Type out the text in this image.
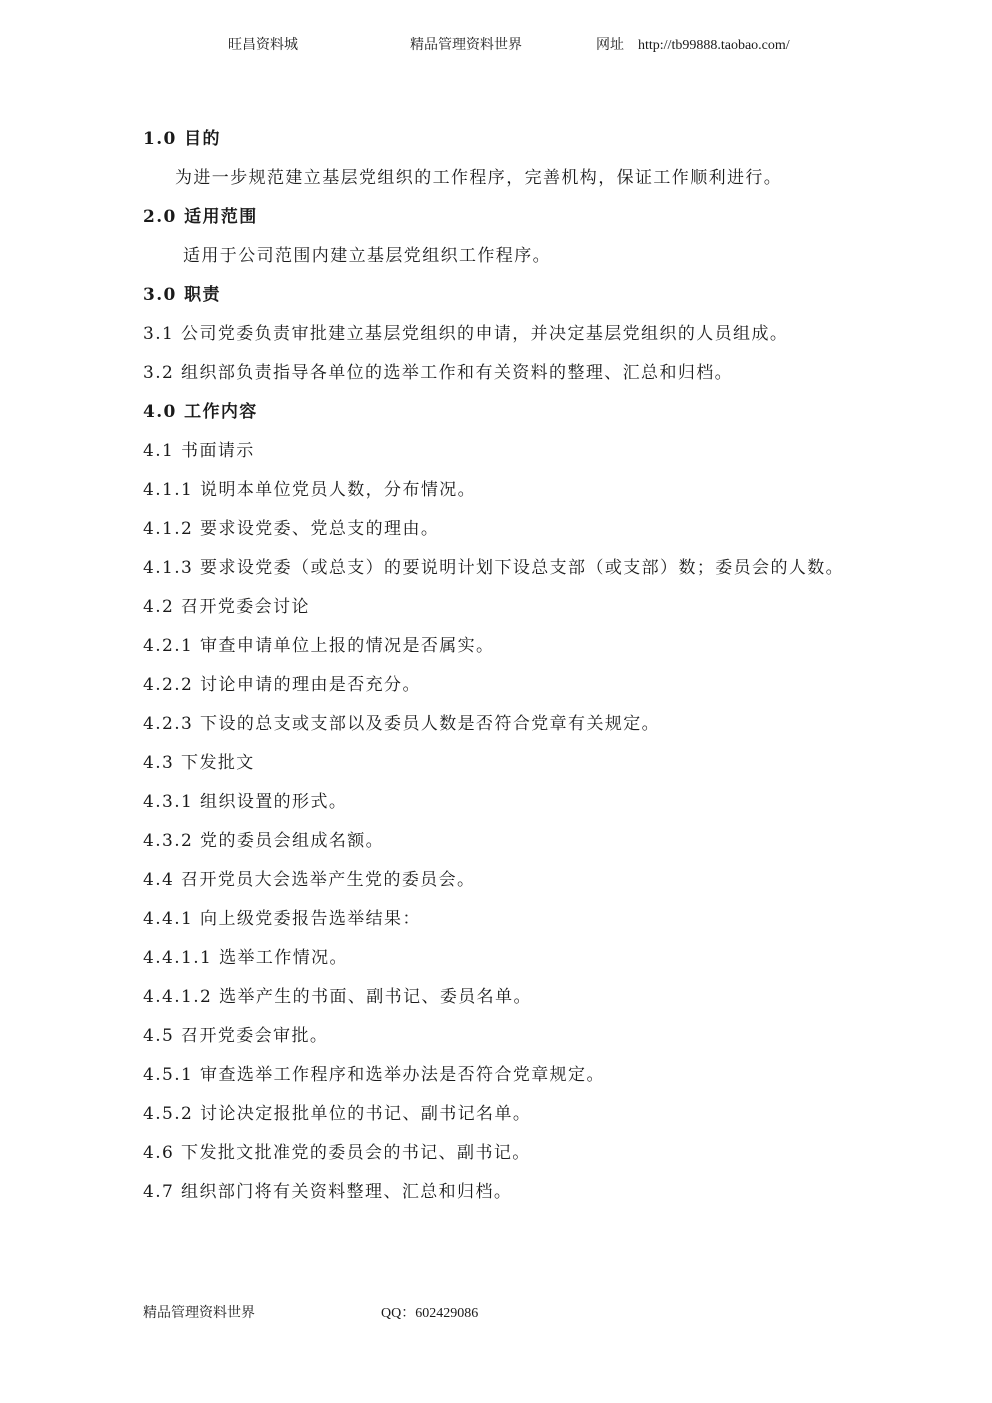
旺昌资料城	精品管理资料世界	网址 http://tb99888.taobao.com/
1.0 目的
为进一步规范建立基层党组织的工作程序，完善机构，保证工作顺利进行。
2.0 适用范围
适用于公司范围内建立基层党组织工作程序。
3.0 职责
3.1 公司党委负责审批建立基层党组织的申请，并决定基层党组织的人员组成。
3.2 组织部负责指导各单位的选举工作和有关资料的整理、汇总和归档。
4.0 工作内容
4.1 书面请示
4.1.1 说明本单位党员人数，分布情况。
4.1.2 要求设党委、党总支的理由。
4.1.3 要求设党委（或总支）的要说明计划下设总支部（或支部）数；委员会的人数。
4.2 召开党委会讨论
4.2.1 审查申请单位上报的情况是否属实。
4.2.2 讨论申请的理由是否充分。
4.2.3 下设的总支或支部以及委员人数是否符合党章有关规定。
4.3 下发批文
4.3.1 组织设置的形式。
4.3.2 党的委员会组成名额。
4.4 召开党员大会选举产生党的委员会。
4.4.1 向上级党委报告选举结果：
4.4.1.1 选举工作情况。
4.4.1.2 选举产生的书面、副书记、委员名单。
4.5 召开党委会审批。
4.5.1 审查选举工作程序和选举办法是否符合党章规定。
4.5.2 讨论决定报批单位的书记、副书记名单。
4.6 下发批文批准党的委员会的书记、副书记。
4.7 组织部门将有关资料整理、汇总和归档。
精品管理资料世界	QQ：602429086
